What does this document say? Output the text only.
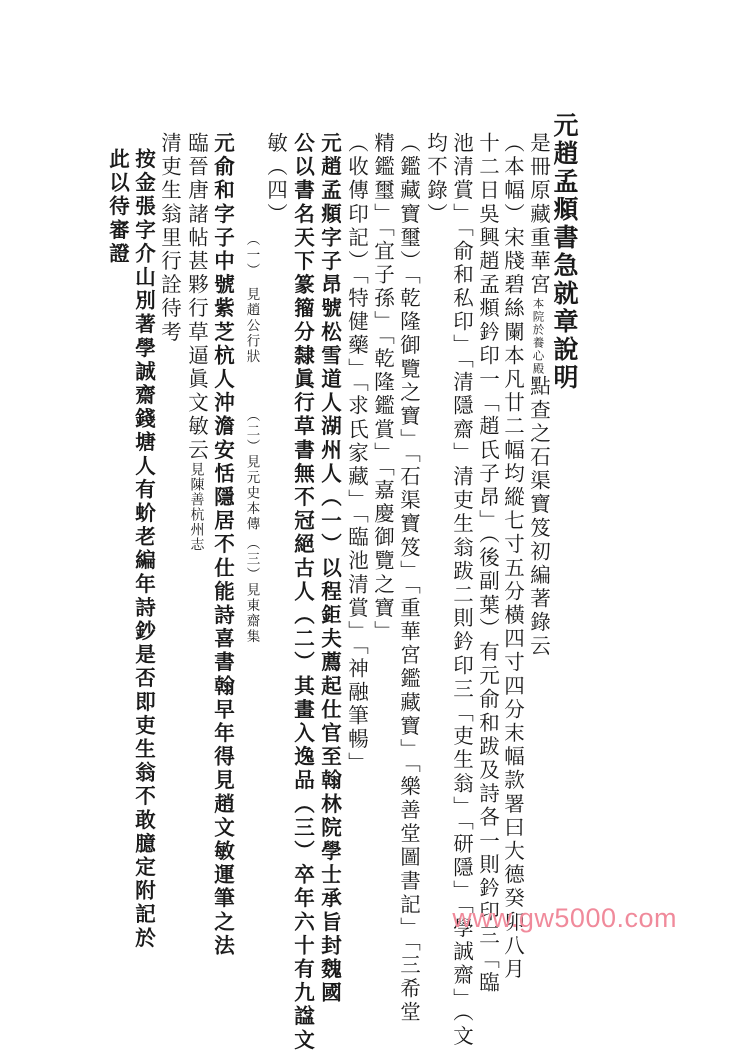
元趙孟頫書急就章說明
是冊原藏重華宮本院於養心殿點查之石渠寶笈初編著錄云
（本幅）宋牋碧絲闌本凡廿二幅均縱七寸五分橫四寸四分末幅款署曰大德癸卯八月
十二日吳興趙孟頫鈐印一「趙氏子昂」（後副葉）有元俞和跋及詩各一則鈐印三「臨
池清賞」「俞和私印」「清隱齋」清吏生翁跋二則鈐印三「吏生翁」「研隱」「學誠齋」（文
均不錄）
（鑑藏寶璽）「乾隆御覽之寶」「石渠寶笈」「重華宮鑑藏寶」「樂善堂圖書記」「三希堂
精鑑璽」「宜子孫」「乾隆鑑賞」「嘉慶御覽之寶」
（收傳印記）「特健藥」「求氏家藏」「臨池清賞」「神融筆暢」
元趙孟頫字子昂號松雪道人湖州人（一）以程鉅夫薦起仕官至翰林院學士承旨封魏國
公以書名天下篆籀分隸眞行草書無不冠絕古人（二）其畫入逸品（三）卒年六十有九諡文
敏（四）
（一）　見趙公行狀
（二）見元史本傳
（三）見東齋集
元俞和字子中號紫芝杭人沖澹安恬隱居不仕能詩喜書翰早年得見趙文敏運筆之法
臨晉唐諸帖甚夥行草逼眞文敏云見陳善杭州志
清吏生翁里行詮待考
按金張字介山別著學誠齋錢塘人有蚧老編年詩鈔是否即吏生翁不敢臆定附記於
此以待審證
www.gw5000.com
